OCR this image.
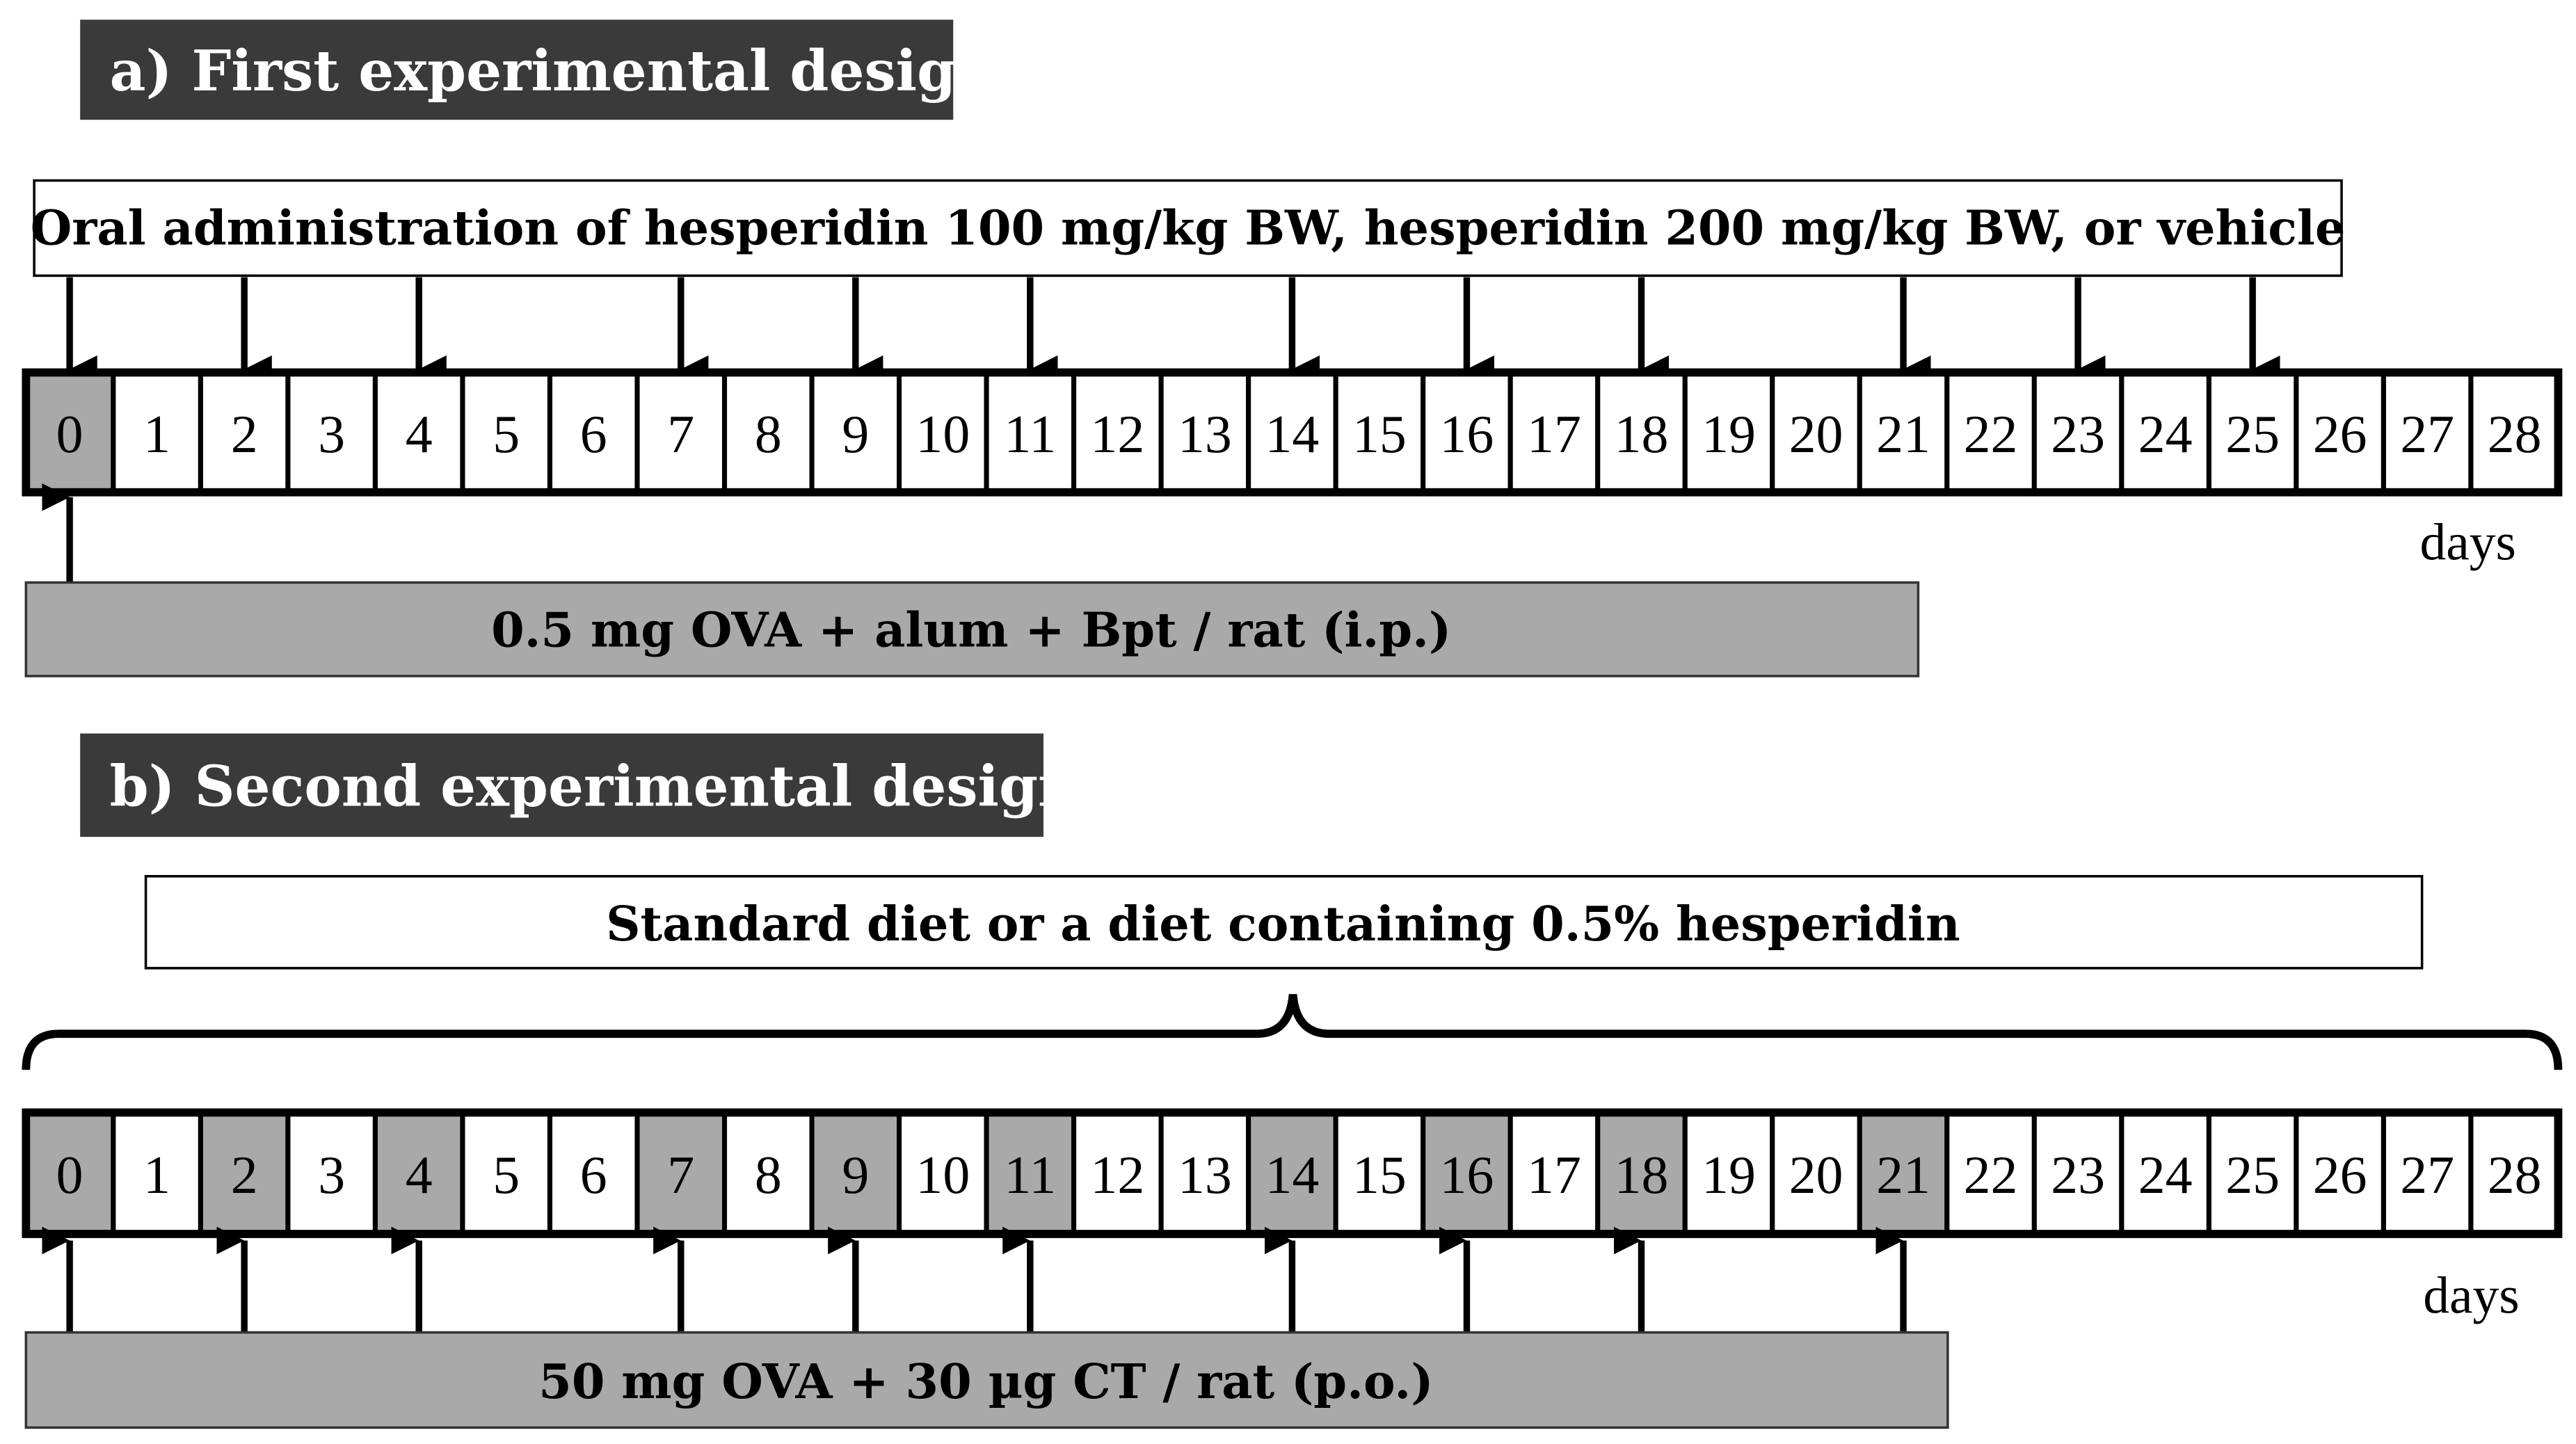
a) First experimental design
Oral administration of hesperidin 100 mg/kg BW, hesperidin 200 mg/kg BW, or vehicle
0	1	2	3	4	5	6	7	8	9 10 11 12 13 14 15 16 17 18 19 20 21 22 23 24 25 26 27 28
days
0.5 mg OVA + alum + Bpt / rat (i.p.)
b) Second experimental design
Standard diet or a diet containing 0.5% hesperidin
0	1	2	3	4	5	6	7	8	9 10 11 12 13 14 15 16 17 18 19 20 21 22 23 24 25 26 27 28
days
50 mg OVA + 30 µg CT / rat (p.o.)
